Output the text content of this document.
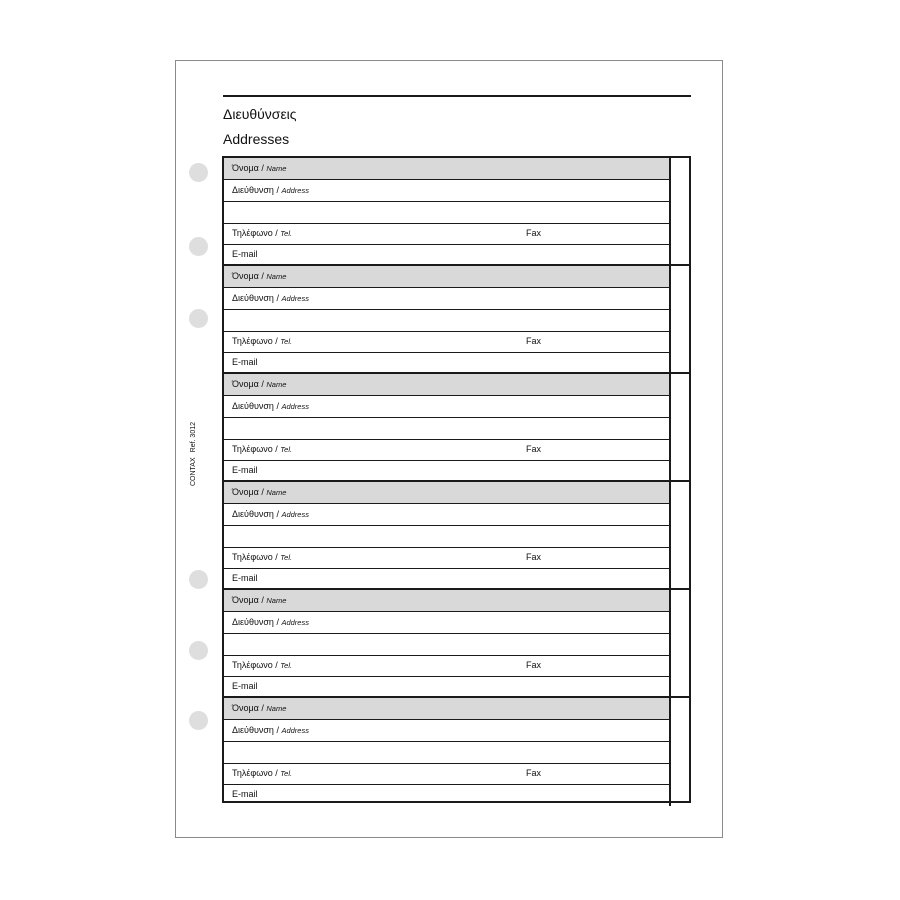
Διευθύνσεις
Addresses
CONTAXRef. 3012
Όνομα / Name
Διεύθυνση / Address
Τηλέφωνο / Tel.	Fax
E-mail
Όνομα / Name
Διεύθυνση / Address
Τηλέφωνο / Tel.	Fax
E-mail
Όνομα / Name
Διεύθυνση / Address
Τηλέφωνο / Tel.	Fax
E-mail
Όνομα / Name
Διεύθυνση / Address
Τηλέφωνο / Tel.	Fax
E-mail
Όνομα / Name
Διεύθυνση / Address
Τηλέφωνο / Tel.	Fax
E-mail
Όνομα / Name
Διεύθυνση / Address
Τηλέφωνο / Tel.	Fax
E-mail
